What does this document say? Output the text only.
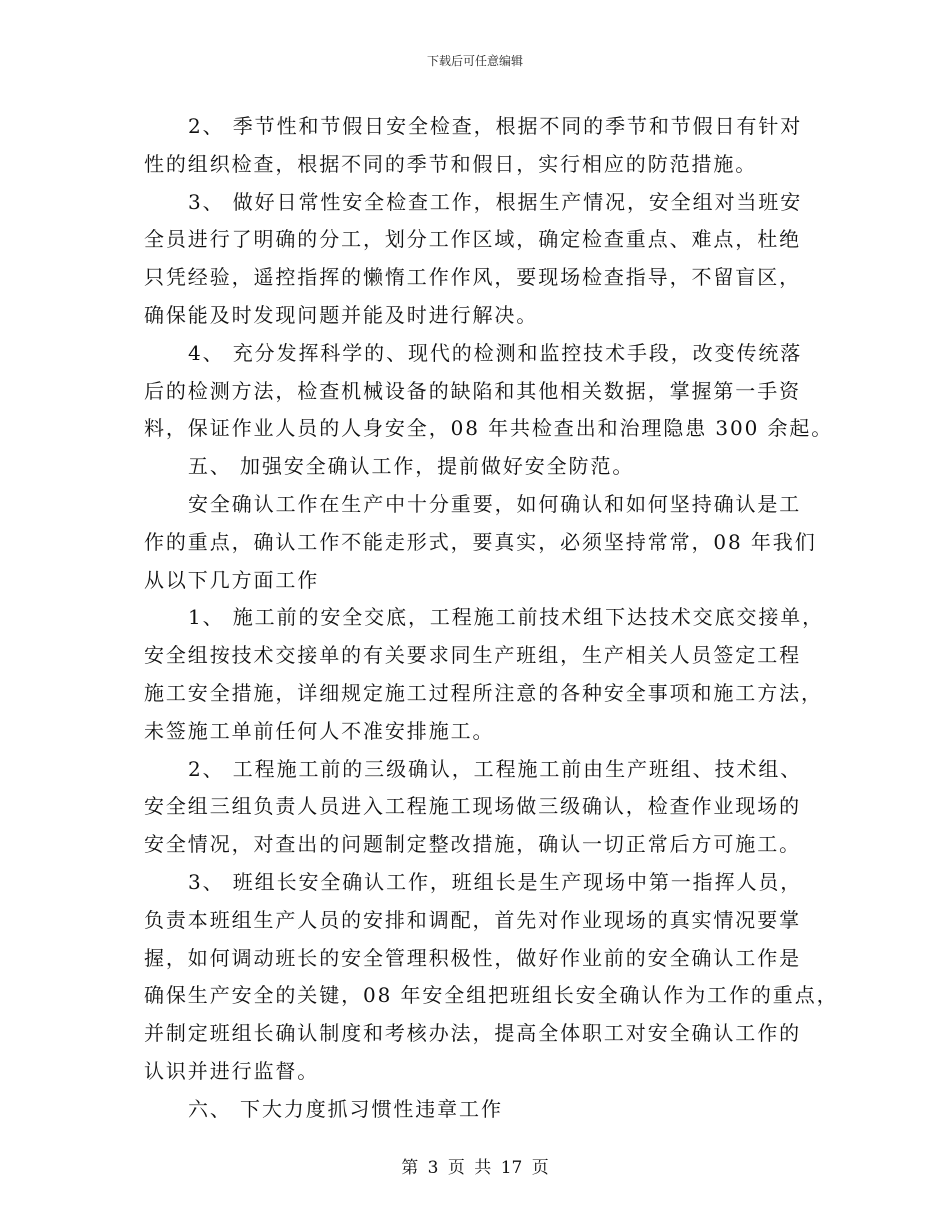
下载后可任意编辑
2、 季节性和节假日安全检查，根据不同的季节和节假日有针对
性的组织检查，根据不同的季节和假日，实行相应的防范措施。
3、 做好日常性安全检查工作，根据生产情况，安全组对当班安
全员进行了明确的分工，划分工作区域，确定检查重点、难点，杜绝
只凭经验，遥控指挥的懒惰工作作风，要现场检查指导，不留盲区，
确保能及时发现问题并能及时进行解决。
4、 充分发挥科学的、现代的检测和监控技术手段，改变传统落
后的检测方法，检查机械设备的缺陷和其他相关数据，掌握第一手资
料，保证作业人员的人身安全，08 年共检查出和治理隐患 300 余起。
五、 加强安全确认工作，提前做好安全防范。
安全确认工作在生产中十分重要，如何确认和如何坚持确认是工
作的重点，确认工作不能走形式，要真实，必须坚持常常，08 年我们
从以下几方面工作
1、 施工前的安全交底，工程施工前技术组下达技术交底交接单，
安全组按技术交接单的有关要求同生产班组，生产相关人员签定工程
施工安全措施，详细规定施工过程所注意的各种安全事项和施工方法，
未签施工单前任何人不准安排施工。
2、 工程施工前的三级确认，工程施工前由生产班组、技术组、
安全组三组负责人员进入工程施工现场做三级确认，检查作业现场的
安全情况，对查出的问题制定整改措施，确认一切正常后方可施工。
3、 班组长安全确认工作，班组长是生产现场中第一指挥人员，
负责本班组生产人员的安排和调配，首先对作业现场的真实情况要掌
握，如何调动班长的安全管理积极性，做好作业前的安全确认工作是
确保生产安全的关键，08 年安全组把班组长安全确认作为工作的重点，
并制定班组长确认制度和考核办法，提高全体职工对安全确认工作的
认识并进行监督。
六、 下大力度抓习惯性违章工作
第 3 页 共 17 页
